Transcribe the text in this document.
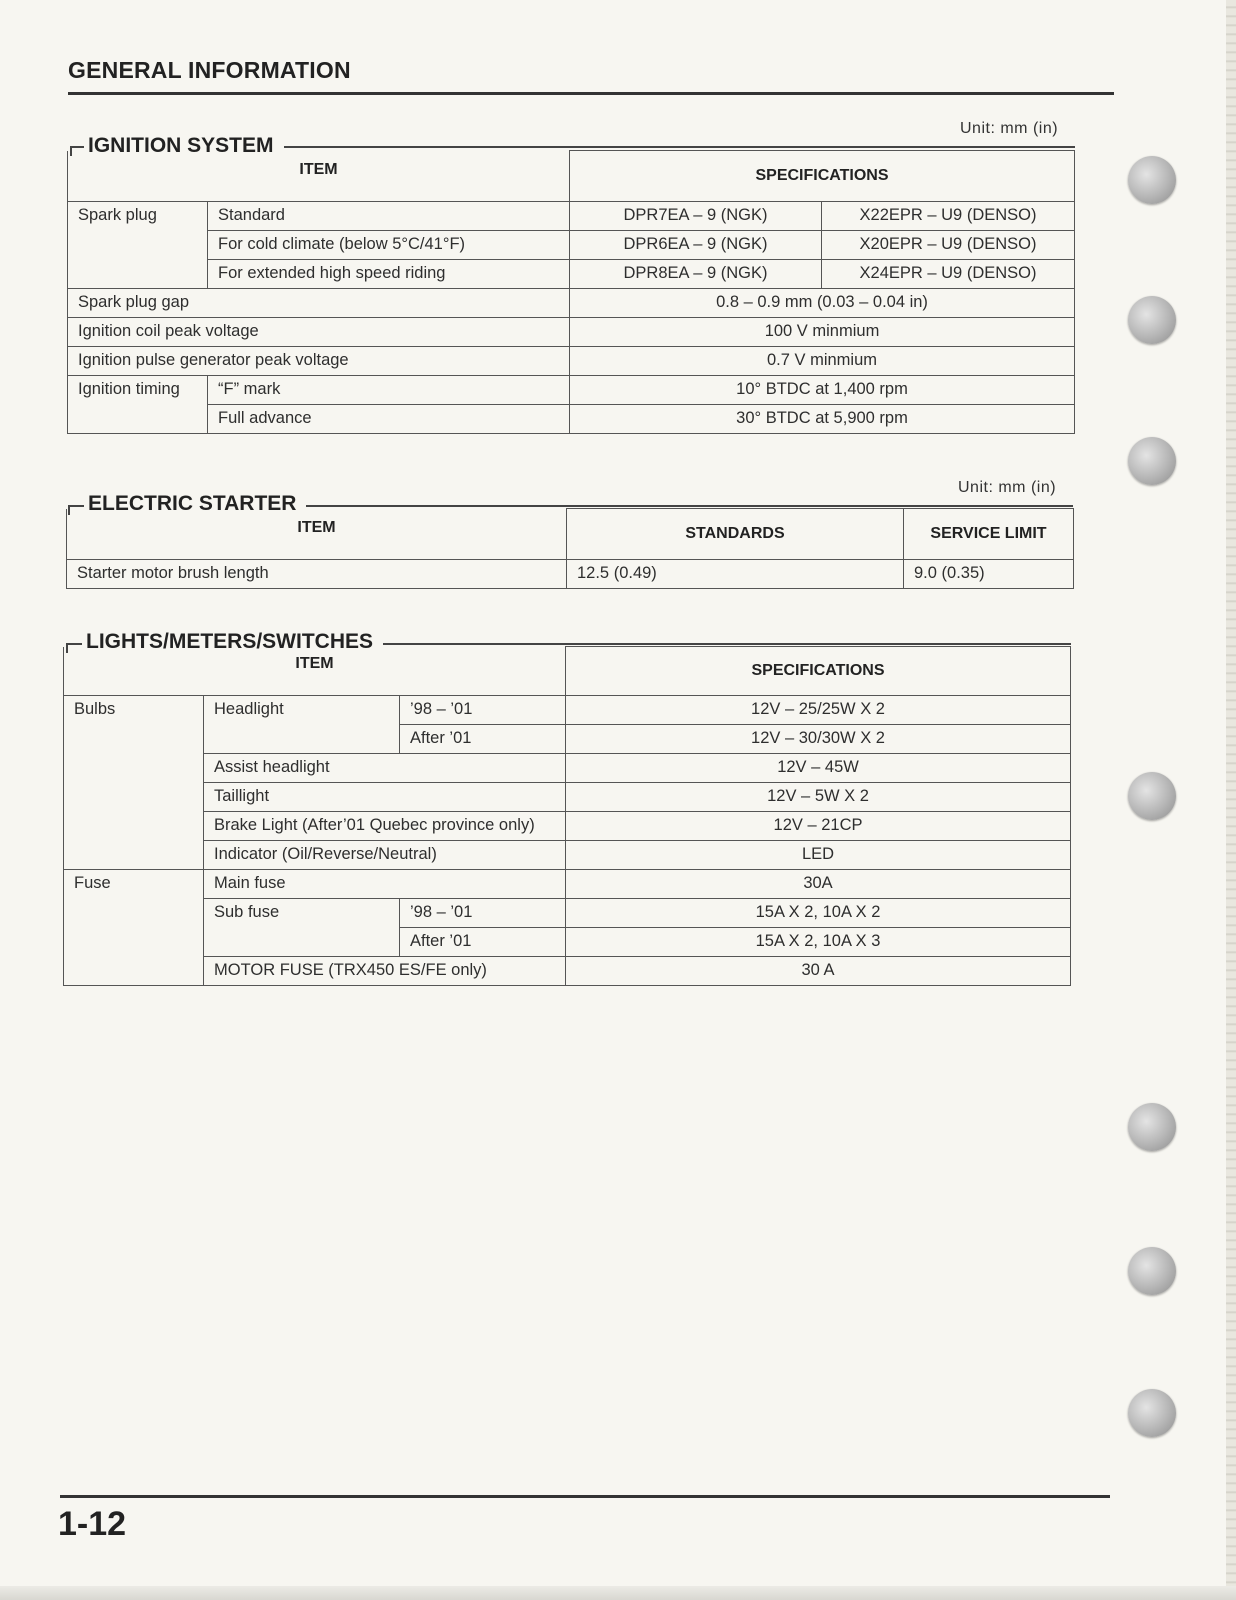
GENERAL INFORMATION
Unit: mm (in)
IGNITION SYSTEM
ITEM		SPECIFICATIONS	
Spark plug	Standard	DPR7EA – 9 (NGK)	X22EPR – U9 (DENSO)
	For cold climate (below 5°C/41°F)	DPR6EA – 9 (NGK)	X20EPR – U9 (DENSO)
	For extended high speed riding	DPR8EA – 9 (NGK)	X24EPR – U9 (DENSO)
Spark plug gap		0.8 – 0.9 mm (0.03 – 0.04 in)	
Ignition coil peak voltage		100 V minmium	
Ignition pulse generator peak voltage		0.7 V minmium	
Ignition timing	“F” mark	10° BTDC at 1,400 rpm	
	Full advance	30° BTDC at 5,900 rpm	
Unit: mm (in)
ELECTRIC STARTER
ITEM	STANDARDS	SERVICE LIMIT
Starter motor brush length	12.5 (0.49)	9.0 (0.35)
LIGHTS/METERS/SWITCHES
ITEM			SPECIFICATIONS
Bulbs	Headlight	’98 – ’01	12V – 25/25W X 2
		After ’01	12V – 30/30W X 2
	Assist headlight		12V – 45W
	Taillight		12V – 5W X 2
	Brake Light (After’01 Quebec province only)		12V – 21CP
	Indicator (Oil/Reverse/Neutral)		LED
Fuse	Main fuse		30A
	Sub fuse	’98 – ’01	15A X 2, 10A X 2
		After ’01	15A X 2, 10A X 3
	MOTOR FUSE (TRX450 ES/FE only)		30 A
1-12
